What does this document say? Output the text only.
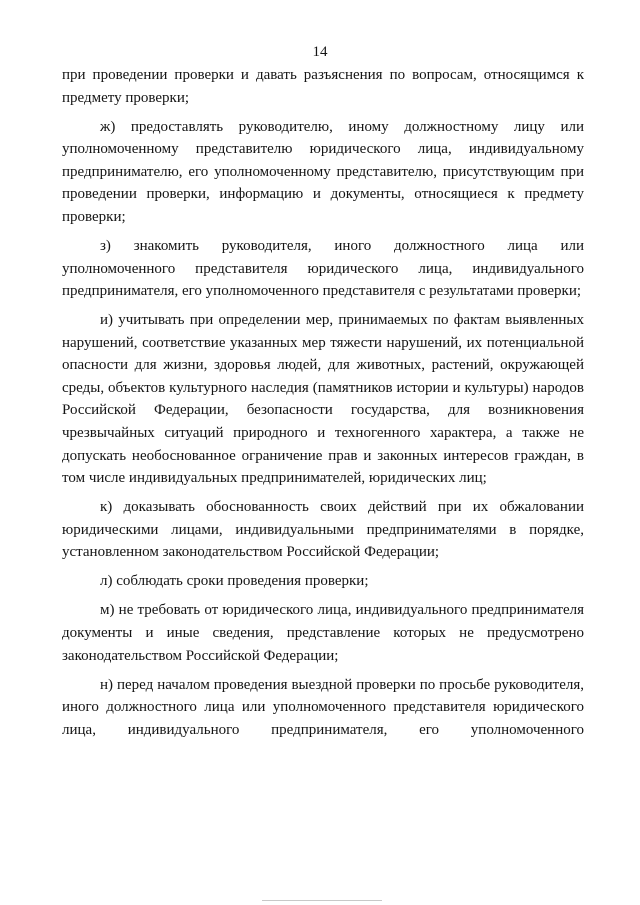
14

при проведении проверки и давать разъяснения по вопросам, относящимся к предмету проверки;

ж) предоставлять руководителю, иному должностному лицу или уполномоченному представителю юридического лица, индивидуальному предпринимателю, его уполномоченному представителю, присутствующим при проведении проверки, информацию и документы, относящиеся к предмету проверки;

з) знакомить руководителя, иного должностного лица или уполномоченного представителя юридического лица, индивидуального предпринимателя, его уполномоченного представителя с результатами проверки;

и) учитывать при определении мер, принимаемых по фактам выявленных нарушений, соответствие указанных мер тяжести нарушений, их потенциальной опасности для жизни, здоровья людей, для животных, растений, окружающей среды, объектов культурного наследия (памятников истории и культуры) народов Российской Федерации, безопасности государства, для возникновения чрезвычайных ситуаций природного и техногенного характера, а также не допускать необоснованное ограничение прав и законных интересов граждан, в том числе индивидуальных предпринимателей, юридических лиц;

к) доказывать обоснованность своих действий при их обжаловании юридическими лицами, индивидуальными предпринимателями в порядке, установленном законодательством Российской Федерации;

л) соблюдать сроки проведения проверки;

м) не требовать от юридического лица, индивидуального предпринимателя документы и иные сведения, представление которых не предусмотрено законодательством Российской Федерации;

н) перед началом проведения выездной проверки по просьбе руководителя, иного должностного лица или уполномоченного представителя юридического лица, индивидуального предпринимателя, его уполномоченного
